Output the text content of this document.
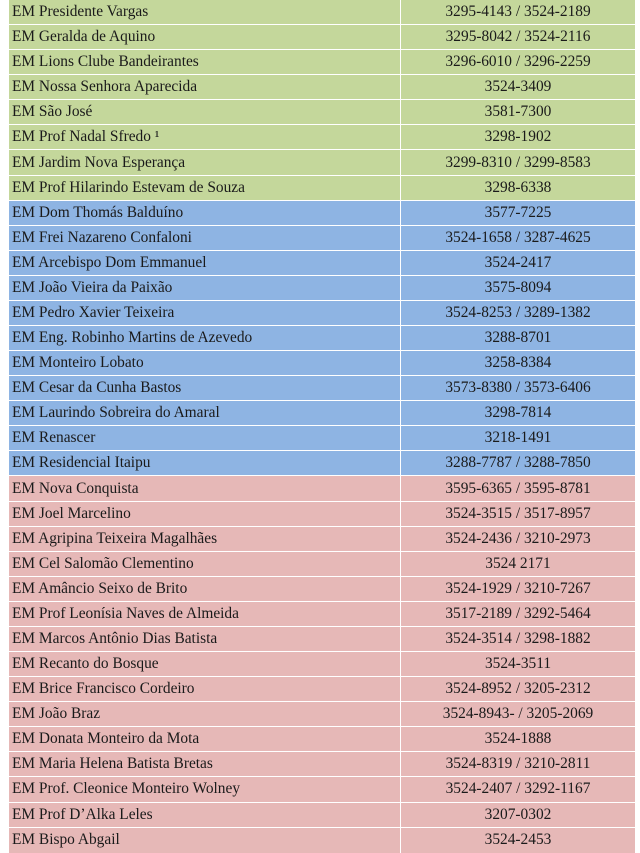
EM Presidente Vargas	3295-4143 / 3524-2189
EM Geralda de Aquino	3295-8042 / 3524-2116
EM Lions Clube Bandeirantes	3296-6010 / 3296-2259
EM Nossa Senhora Aparecida	3524-3409
EM São José	3581-7300
EM Prof Nadal Sfredo ¹	3298-1902
EM Jardim Nova Esperança	3299-8310 / 3299-8583
EM Prof Hilarindo Estevam de Souza	3298-6338
EM Dom Thomás Balduíno	3577-7225
EM Frei Nazareno Confaloni	3524-1658 / 3287-4625
EM Arcebispo Dom Emmanuel	3524-2417
EM João Vieira da Paixão	3575-8094
EM Pedro Xavier Teixeira	3524-8253 / 3289-1382
EM Eng. Robinho Martins de Azevedo	3288-8701
EM Monteiro Lobato	3258-8384
EM Cesar da Cunha Bastos	3573-8380 / 3573-6406
EM Laurindo Sobreira do Amaral	3298-7814
EM Renascer	3218-1491
EM Residencial Itaipu	3288-7787 / 3288-7850
EM Nova Conquista	3595-6365 / 3595-8781
EM Joel Marcelino	3524-3515 / 3517-8957
EM Agripina Teixeira Magalhães	3524-2436 / 3210-2973
EM Cel Salomão Clementino	3524 2171
EM Amâncio Seixo de Brito	3524-1929 / 3210-7267
EM Prof Leonísia Naves de Almeida	3517-2189 / 3292-5464
EM Marcos Antônio Dias Batista	3524-3514 / 3298-1882
EM Recanto do Bosque	3524-3511
EM Brice Francisco Cordeiro	3524-8952 / 3205-2312
EM João Braz	3524-8943- / 3205-2069
EM Donata Monteiro da Mota	3524-1888
EM Maria Helena Batista Bretas	3524-8319 / 3210-2811
EM Prof. Cleonice Monteiro Wolney	3524-2407 / 3292-1167
EM Prof D’Alka Leles	3207-0302
EM Bispo Abgail	3524-2453
